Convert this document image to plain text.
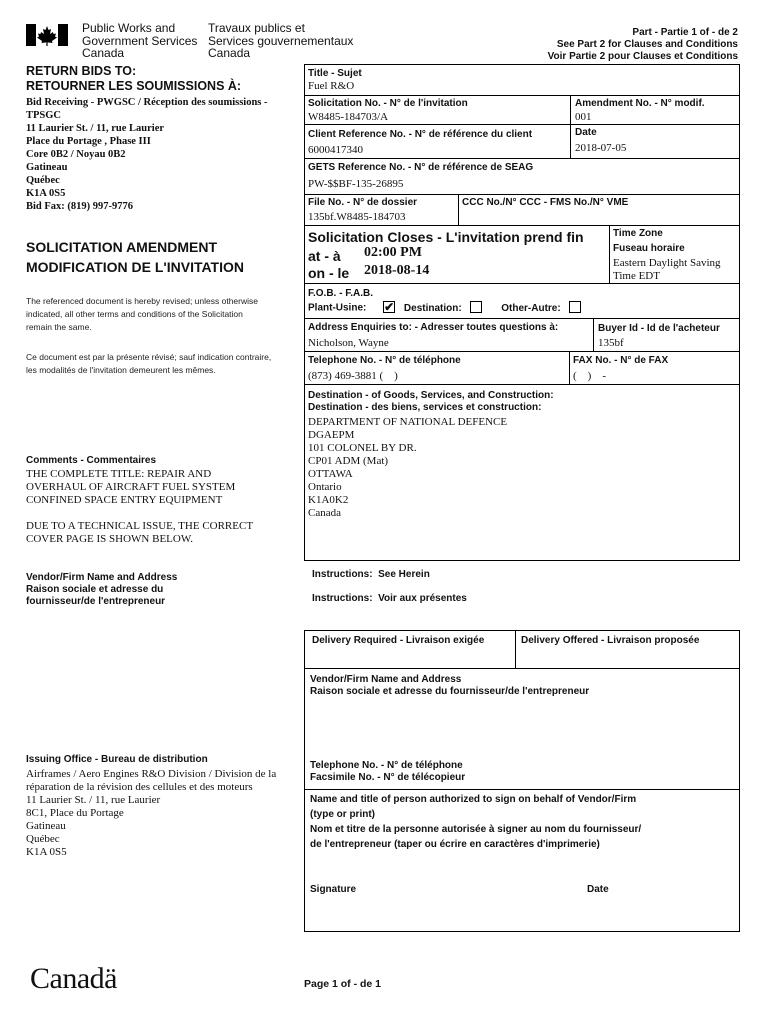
Public Works and
Government Services
Canada
Travaux publics et
Services gouvernementaux
Canada
Part - Partie 1 of - de 2
See Part 2 for Clauses and Conditions
Voir Partie 2 pour Clauses et Conditions
RETURN BIDS TO:
RETOURNER LES SOUMISSIONS À:
Bid Receiving - PWGSC / Réception des soumissions - TPSGC
11 Laurier St. / 11, rue Laurier
Place du Portage , Phase III
Core 0B2 / Noyau 0B2
Gatineau
Québec
K1A 0S5
Bid Fax: (819) 997-9776
SOLICITATION AMENDMENT
MODIFICATION DE L'INVITATION
The referenced document is hereby revised; unless otherwise indicated, all other terms and conditions of the Solicitation remain the same.
Ce document est par la présente révisé; sauf indication contraire, les modalités de l'invitation demeurent les mêmes.
Comments - Commentaires
THE COMPLETE TITLE: REPAIR AND
OVERHAUL OF AIRCRAFT FUEL SYSTEM
CONFINED SPACE ENTRY EQUIPMENT
DUE TO A TECHNICAL ISSUE, THE CORRECT
COVER PAGE IS SHOWN BELOW.
Vendor/Firm Name and Address
Raison sociale et adresse du
fournisseur/de l'entrepreneur
Issuing Office - Bureau de distribution
Airframes / Aero Engines R&O Division / Division de la réparation de la révision des cellules et des moteurs
11 Laurier St. / 11, rue Laurier
8C1, Place du Portage
Gatineau
Québec
K1A 0S5
Title - Sujet
Fuel R&O
Solicitation No. - N° de l'invitation
W8485-184703/A
Amendment No. - N° modif.
001
Client Reference No. - N° de référence du client
6000417340
Date
2018-07-05
GETS Reference No. - N° de référence de SEAG
PW-$$BF-135-26895
File No. - N° de dossier
135bf.W8485-184703
CCC No./N° CCC - FMS No./N° VME
Solicitation Closes - L'invitation prend fin
at - à 02:00 PM
on - le 2018-08-14
Time Zone
Fuseau horaire
Eastern Daylight Saving Time EDT
F.O.B. - F.A.B.
Plant-Usine: ✔ Destination:	Other-Autre:
Address Enquiries to: - Adresser toutes questions à:
Nicholson, Wayne
Buyer Id - Id de l'acheteur
135bf
Telephone No. - N° de téléphone
(873) 469-3881 (    )
FAX No. - N° de FAX
(    )    -
Destination - of Goods, Services, and Construction:
Destination - des biens, services et construction:
DEPARTMENT OF NATIONAL DEFENCE
DGAEPM
101 COLONEL BY DR.
CP01 ADM (Mat)
OTTAWA
Ontario
K1A0K2
Canada
Instructions:  See Herein
Instructions:  Voir aux présentes
Delivery Required - Livraison exigée	Delivery Offered - Livraison proposée
Vendor/Firm Name and Address
Raison sociale et adresse du fournisseur/de l'entrepreneur
Telephone No. - N° de téléphone
Facsimile No. - N° de télécopieur
Name and title of person authorized to sign on behalf of Vendor/Firm
(type or print)
Nom et titre de la personne autorisée à signer au nom du fournisseur/
de l'entrepreneur (taper ou écrire en caractères d'imprimerie)
Signature	Date
Canadä	Page 1 of - de 1
